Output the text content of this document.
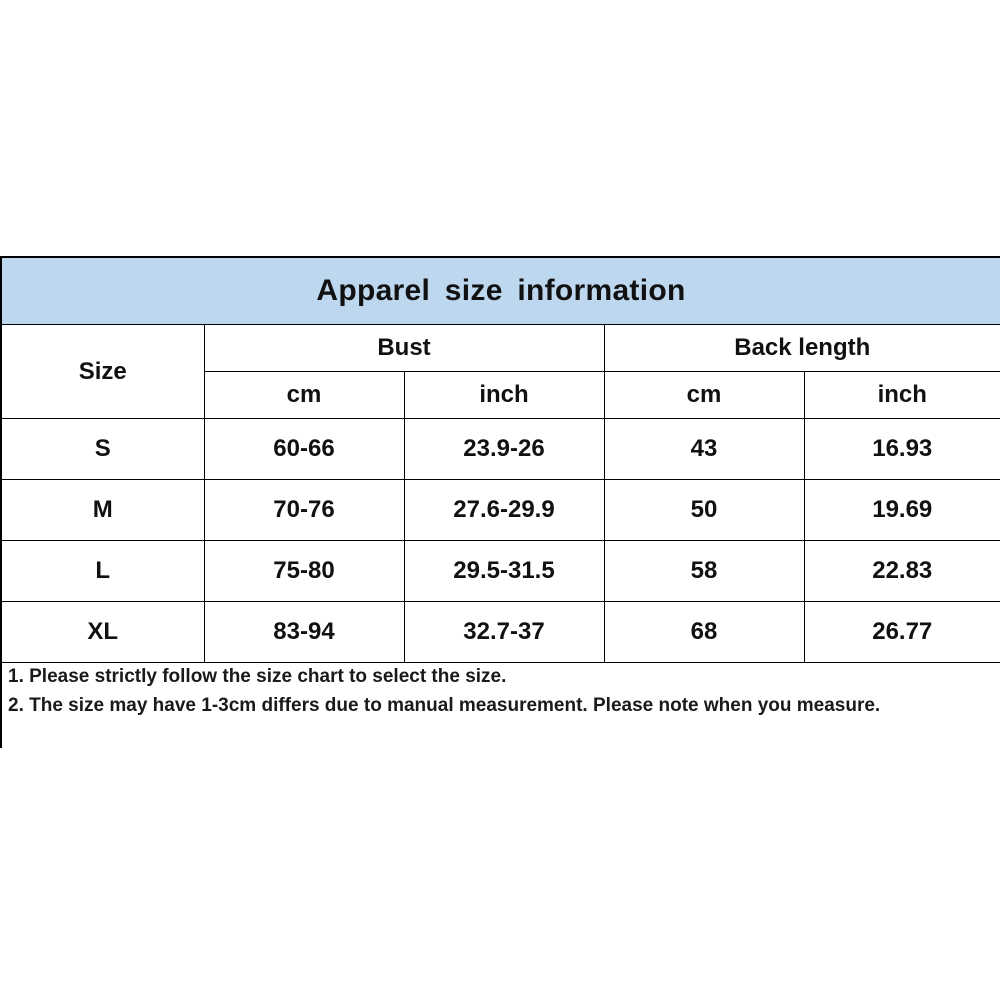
Apparel size information
Size	Bust		Back length	
	cm	inch	cm	inch
S	60-66	23.9-26	43	16.93
M	70-76	27.6-29.9	50	19.69
L	75-80	29.5-31.5	58	22.83
XL	83-94	32.7-37	68	26.77
1. Please strictly follow the size chart to select the size.
2. The size may have 1-3cm differs due to manual measurement. Please note when you measure.
